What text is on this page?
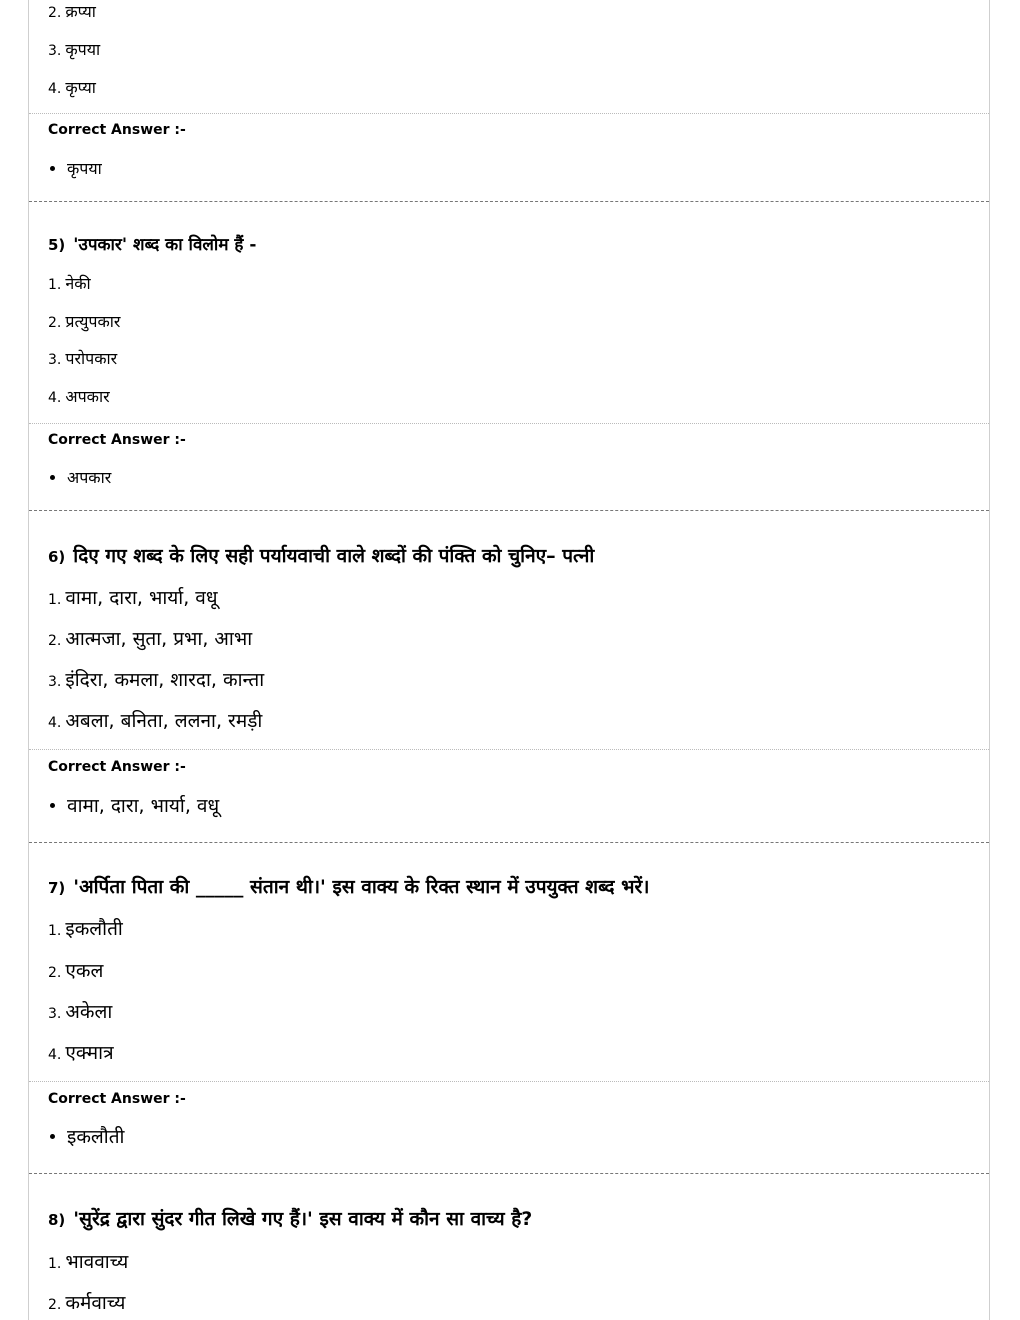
2. क्रप्या
3. कृपया
4. कृप्या
Correct Answer :-
कृपया
5) 'उपकार' शब्द का विलोम हैं -
1. नेकी
2. प्रत्युपकार
3. परोपकार
4. अपकार
Correct Answer :-
अपकार
6) दिए गए शब्द के लिए सही पर्यायवाची वाले शब्दों की पंक्ति को चुनिए– पत्नी
1. वामा, दारा, भार्या, वधू
2. आत्मजा, सुता, प्रभा, आभा
3. इंदिरा, कमला, शारदा, कान्ता
4. अबला, बनिता, ललना, रमड़ी
Correct Answer :-
वामा, दारा, भार्या, वधू
7) 'अर्पिता पिता की _____ संतान थी।' इस वाक्य के रिक्त स्थान में उपयुक्त शब्द भरें।
1. इकलौती
2. एकल
3. अकेला
4. एक्मात्र
Correct Answer :-
इकलौती
8) 'सुरेंद्र द्वारा सुंदर गीत लिखे गए हैं।' इस वाक्य में कौन सा वाच्य है?
1. भाववाच्य
2. कर्मवाच्य
